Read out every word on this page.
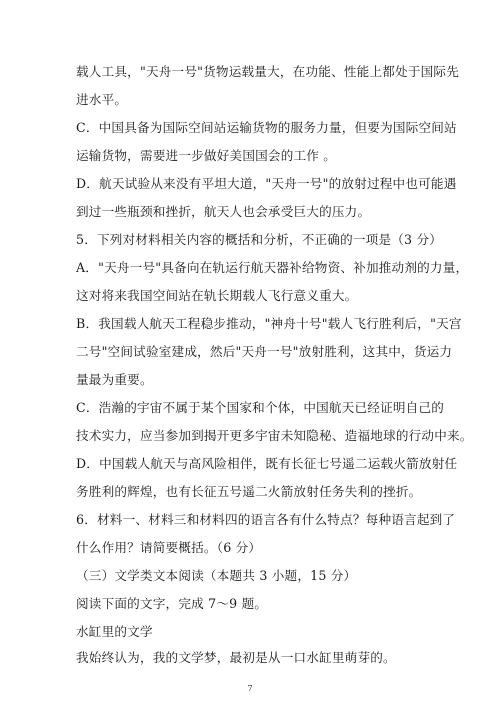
载人工具，"天舟一号"货物运载量大，在功能、性能上都处于国际先
进水平。
C．中国具备为国际空间站运输货物的服务力量，但要为国际空间站
运输货物，需要进一步做好美国国会的工作 。
D．航天试验从来没有平坦大道，"天舟一号"的放射过程中也可能遇
到过一些瓶颈和挫折，航天人也会承受巨大的压力。
5．下列对材料相关内容的概括和分析，不正确的一项是（3 分）
A．"天舟一号"具备向在轨运行航天器补给物资、补加推动剂的力量，
这对将来我国空间站在轨长期载人飞行意义重大。
B．我国载人航天工程稳步推动，"神舟十号"载人飞行胜利后，"天宫
二号"空间试验室建成，然后"天舟一号"放射胜利，这其中，货运力
量最为重要。
C．浩瀚的宇宙不属于某个国家和个体，中国航天已经证明自己的
技术实力，应当参加到揭开更多宇宙未知隐秘、造福地球的行动中来。
D．中国载人航天与高风险相伴，既有长征七号遥二运载火箭放射任
务胜利的辉煌，也有长征五号遥二火箭放射任务失利的挫折。
6．材料一、材料三和材料四的语言各有什么特点？每种语言起到了
什么作用？请简要概括。（6 分）
（三）文学类文本阅读（本题共 3 小题，15 分）
阅读下面的文字，完成 7～9 题。
水缸里的文学
我始终认为，我的文学梦，最初是从一口水缸里萌芽的。
7
